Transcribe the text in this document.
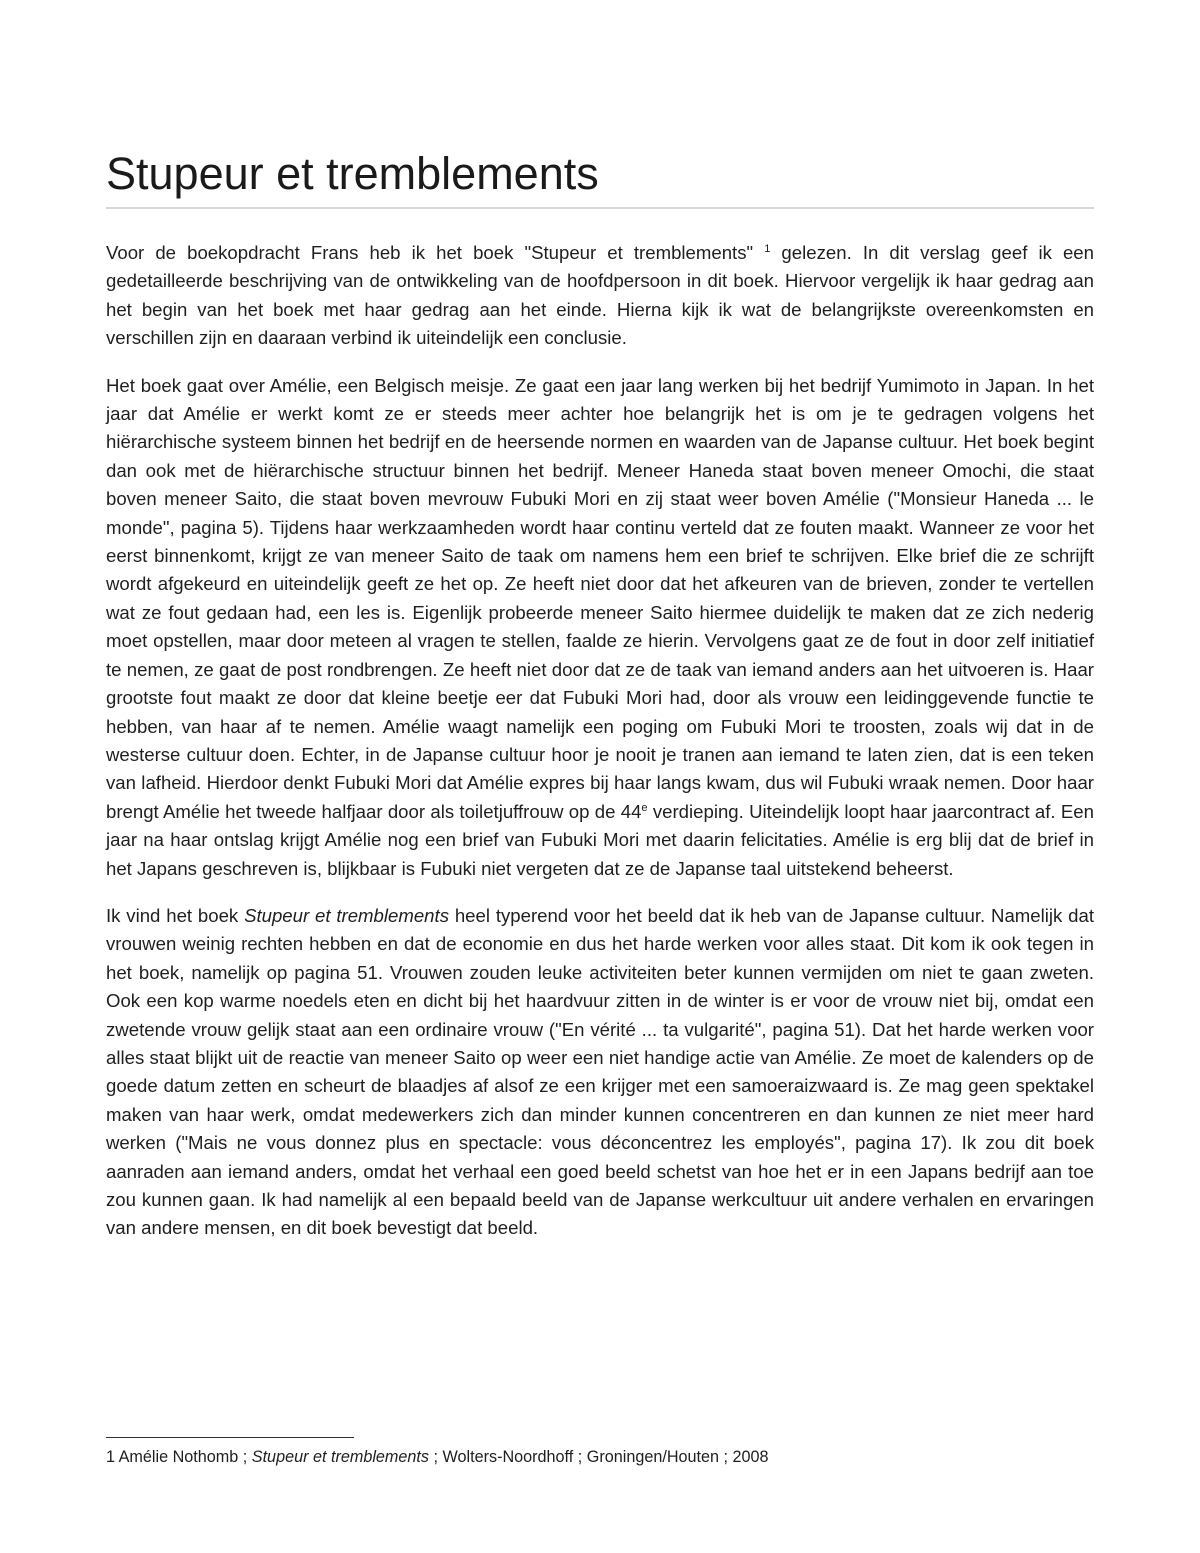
Stupeur et tremblements

Voor de boekopdracht Frans heb ik het boek "Stupeur et tremblements" $^1$ gelezen. In dit verslag geef ik een gedetailleerde beschrijving van de ontwikkeling van de hoofdpersoon in dit boek. Hiervoor vergelijk ik haar gedrag aan het begin van het boek met haar gedrag aan het einde. Hierna kijk ik wat de belangrijkste overeenkomsten en verschillen zijn en daaraan verbind ik uiteindelijk een conclusie.

Het boek gaat over Amélie, een Belgisch meisje. Ze gaat een jaar lang werken bij het bedrijf Yumimoto in Japan. In het jaar dat Amélie er werkt komt ze er steeds meer achter hoe belangrijk het is om je te gedragen volgens het hiërarchische systeem binnen het bedrijf en de heersende normen en waarden van de Japanse cultuur. Het boek begint dan ook met de hiërarchische structuur binnen het bedrijf. Meneer Haneda staat boven meneer Omochi, die staat boven meneer Saito, die staat boven mevrouw Fubuki Mori en zij staat weer boven Amélie ("Monsieur Haneda ... le monde", pagina 5). Tijdens haar werkzaamheden wordt haar continu verteld dat ze fouten maakt. Wanneer ze voor het eerst binnenkomt, krijgt ze van meneer Saito de taak om namens hem een brief te schrijven. Elke brief die ze schrijft wordt afgekeurd en uiteindelijk geeft ze het op. Ze heeft niet door dat het afkeuren van de brieven, zonder te vertellen wat ze fout gedaan had, een les is. Eigenlijk probeerde meneer Saito hiermee duidelijk te maken dat ze zich nederig moet opstellen, maar door meteen al vragen te stellen, faalde ze hierin. Vervolgens gaat ze de fout in door zelf initiatief te nemen, ze gaat de post rondbrengen. Ze heeft niet door dat ze de taak van iemand anders aan het uitvoeren is. Haar grootste fout maakt ze door dat kleine beetje eer dat Fubuki Mori had, door als vrouw een leidinggevende functie te hebben, van haar af te nemen. Amélie waagt namelijk een poging om Fubuki Mori te troosten, zoals wij dat in de westerse cultuur doen. Echter, in de Japanse cultuur hoor je nooit je tranen aan iemand te laten zien, dat is een teken van lafheid. Hierdoor denkt Fubuki Mori dat Amélie expres bij haar langs kwam, dus wil Fubuki wraak nemen. Door haar brengt Amélie het tweede halfjaar door als toiletjuffrouw op de 44e verdieping. Uiteindelijk loopt haar jaarcontract af. Een jaar na haar ontslag krijgt Amélie nog een brief van Fubuki Mori met daarin felicitaties. Amélie is erg blij dat de brief in het Japans geschreven is, blijkbaar is Fubuki niet vergeten dat ze de Japanse taal uitstekend beheerst.

Ik vind het boek Stupeur et tremblements heel typerend voor het beeld dat ik heb van de Japanse cultuur. Namelijk dat vrouwen weinig rechten hebben en dat de economie en dus het harde werken voor alles staat. Dit kom ik ook tegen in het boek, namelijk op pagina 51. Vrouwen zouden leuke activiteiten beter kunnen vermijden om niet te gaan zweten. Ook een kop warme noedels eten en dicht bij het haardvuur zitten in de winter is er voor de vrouw niet bij, omdat een zwetende vrouw gelijk staat aan een ordinaire vrouw ("En vérité ... ta vulgarité", pagina 51). Dat het harde werken voor alles staat blijkt uit de reactie van meneer Saito op weer een niet handige actie van Amélie. Ze moet de kalenders op de goede datum zetten en scheurt de blaadjes af alsof ze een krijger met een samoeraizwaard is. Ze mag geen spektakel maken van haar werk, omdat medewerkers zich dan minder kunnen concentreren en dan kunnen ze niet meer hard werken ("Mais ne vous donnez plus en spectacle: vous déconcentrez les employés", pagina 17). Ik zou dit boek aanraden aan iemand anders, omdat het verhaal een goed beeld schetst van hoe het er in een Japans bedrijf aan toe zou kunnen gaan. Ik had namelijk al een bepaald beeld van de Japanse werkcultuur uit andere verhalen en ervaringen van andere mensen, en dit boek bevestigt dat beeld.

1 Amélie Nothomb ; Stupeur et tremblements ; Wolters-Noordhoff ; Groningen/Houten ; 2008
